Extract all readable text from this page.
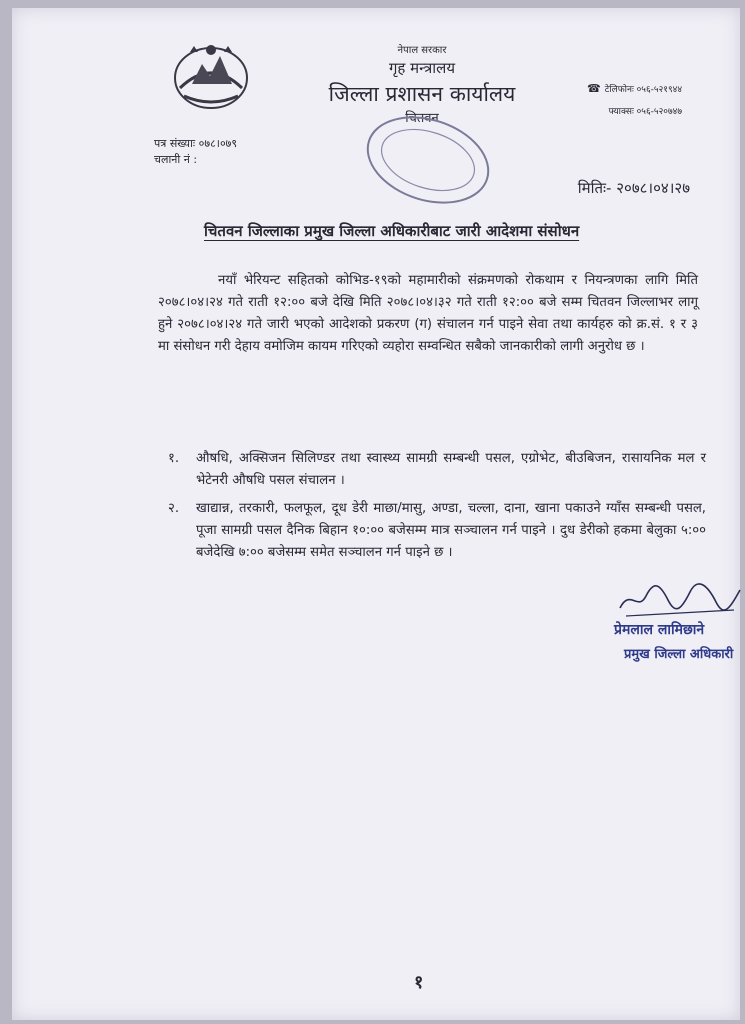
नेपाल सरकार
गृह मन्त्रालय
जिल्ला प्रशासन कार्यालय
चितवन
☎ टेलिफोनः ०५६-५२१९४४
फ्याक्सः ०५६-५२०७४७
पत्र संख्याः ०७८।०७९
चलानी नं :
मितिः- २०७८।०४।२७
चितवन जिल्लाका प्रमुख जिल्ला अधिकारीबाट जारी आदेशमा संसोधन
नयाँ भेरियन्ट सहितको कोभिड-१९को महामारीको संक्रमणको रोकथाम र नियन्त्रणका लागि मिति २०७८।०४।२४ गते राती १२:०० बजे देखि मिति २०७८।०४।३२ गते राती १२:०० बजे सम्म चितवन जिल्लाभर लागू हुने २०७८।०४।२४ गते जारी भएको आदेशको प्रकरण (ग) संचालन गर्न पाइने सेवा तथा कार्यहरु को क्र.सं. १ र ३ मा संसोधन गरी देहाय वमोजिम कायम गरिएको व्यहोरा सम्वन्धित सबैको जानकारीको लागी अनुरोध छ ।
१. औषधि, अक्सिजन सिलिण्डर तथा स्वास्थ्य सामग्री सम्बन्धी पसल, एग्रोभेट, बीउबिजन, रासायनिक मल र भेटेनरी औषधि पसल संचालन ।
२. खाद्यान्न, तरकारी, फलफूल, दूध डेरी माछा/मासु, अण्डा, चल्ला, दाना, खाना पकाउने ग्याँस सम्बन्धी पसल, पूजा सामग्री पसल दैनिक बिहान १०:०० बजेसम्म मात्र सञ्चालन गर्न पाइने । दुध डेरीको हकमा बेलुका ५:०० बजेदेखि ७:०० बजेसम्म समेत सञ्चालन गर्न पाइने छ ।
प्रेमलाल लामिछाने
प्रमुख जिल्ला अधिकारी
१
